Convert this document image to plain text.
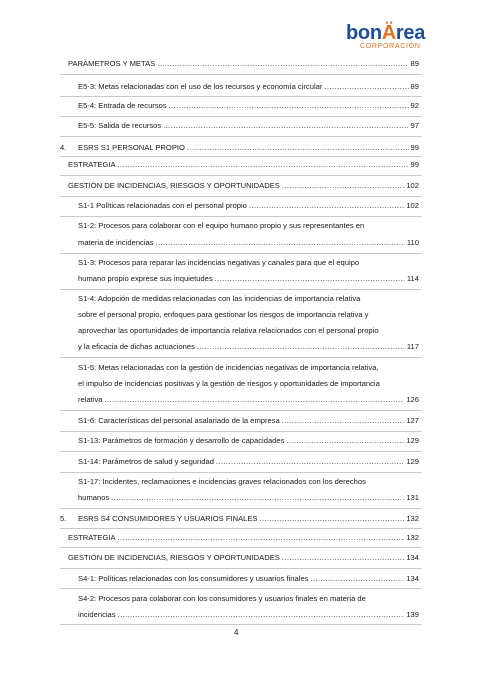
bonÄrea
CORPORACIÓN
PARÁMETROS Y METAS .....	89
E5-3: Metas relacionadas con el uso de los recursos y economía circular .....	89
E5-4: Entrada de recursos .....	92
E5-5: Salida de recursos .....	97
4. ESRS S1 PERSONAL PROPIO .....	99
ESTRATEGIA .....	99
GESTIÓN DE INCIDENCIAS, RIESGOS Y OPORTUNIDADES .....	102
S1-1 Políticas relacionadas con el personal propio .....	102
S1-2: Procesos para colaborar con el equipo humano propio y sus representantes en
materia de incidencias .....	110
S1-3: Procesos para reparar las incidencias negativas y canales para que el equipo
humano propio exprese sus inquietudes .....	114
S1-4: Adopción de medidas relacionadas con las incidencias de importancia relativa
sobre el personal propio, enfoques para gestionar los riesgos de importancia relativa y
aprovechar las oportunidades de importancia relativa relacionados con el personal propio
y la eficacia de dichas actuaciones .....	117
S1-5: Metas relacionadas con la gestión de incidencias negativas de importancia relativa,
el impulso de incidencias positivas y la gestión de riesgos y oportunidades de importancia
relativa .....	126
S1-6: Características del personal asalariado de la empresa .....	127
S1-13: Parámetros de formación y desarrollo de capacidades .....	129
S1-14: Parámetros de salud y seguridad .....	129
S1-17: Incidentes, reclamaciones e incidencias graves relacionados con los derechos
humanos .....	131
5. ESRS S4 CONSUMIDORES Y USUARIOS FINALES .....	132
ESTRATEGIA .....	132
GESTIÓN DE INCIDENCIAS, RIESGOS Y OPORTUNIDADES .....	134
S4-1: Políticas relacionadas con los consumidores y usuarios finales .....	134
S4-2: Procesos para colaborar con los consumidores y usuarios finales en materia de
incidencias .....	139
4
